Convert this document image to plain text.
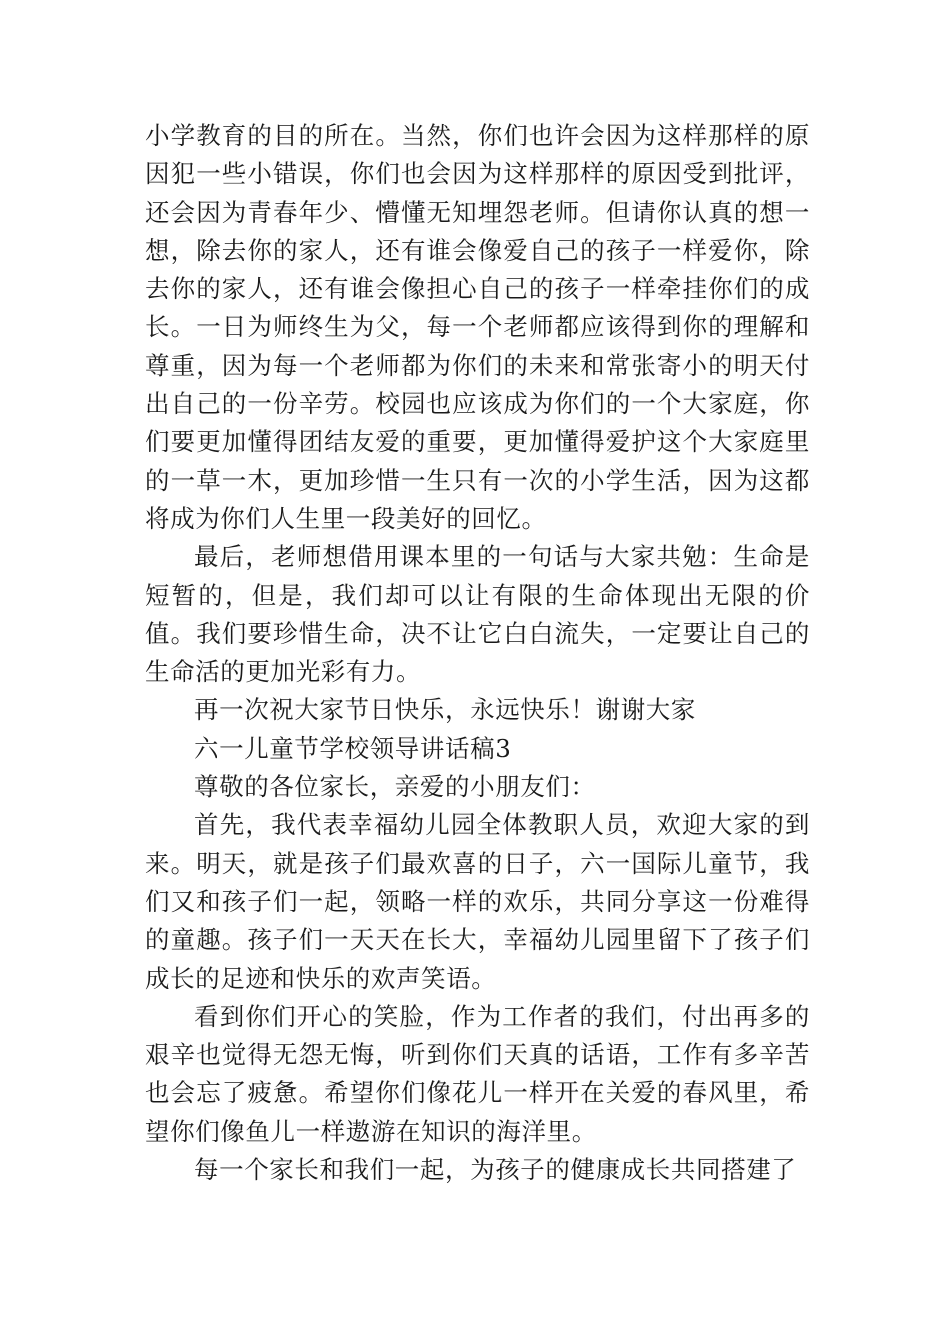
小学教育的目的所在。当然，你们也许会因为这样那样的原因犯一些小错误，你们也会因为这样那样的原因受到批评，还会因为青春年少、懵懂无知埋怨老师。但请你认真的想一想，除去你的家人，还有谁会像爱自己的孩子一样爱你，除去你的家人，还有谁会像担心自己的孩子一样牵挂你们的成长。一日为师终生为父，每一个老师都应该得到你的理解和尊重，因为每一个老师都为你们的未来和常张寄小的明天付出自己的一份辛劳。校园也应该成为你们的一个大家庭，你们要更加懂得团结友爱的重要，更加懂得爱护这个大家庭里的一草一木，更加珍惜一生只有一次的小学生活，因为这都将成为你们人生里一段美好的回忆。

最后，老师想借用课本里的一句话与大家共勉：生命是短暂的，但是，我们却可以让有限的生命体现出无限的价值。我们要珍惜生命，决不让它白白流失，一定要让自己的生命活的更加光彩有力。

再一次祝大家节日快乐，永远快乐！谢谢大家

六一儿童节学校领导讲话稿3

尊敬的各位家长，亲爱的小朋友们：

首先，我代表幸福幼儿园全体教职人员，欢迎大家的到来。明天，就是孩子们最欢喜的日子，六一国际儿童节，我们又和孩子们一起，领略一样的欢乐，共同分享这一份难得的童趣。孩子们一天天在长大，幸福幼儿园里留下了孩子们成长的足迹和快乐的欢声笑语。

看到你们开心的笑脸，作为工作者的我们，付出再多的艰辛也觉得无怨无悔，听到你们天真的话语，工作有多辛苦也会忘了疲惫。希望你们像花儿一样开在关爱的春风里，希望你们像鱼儿一样遨游在知识的海洋里。

每一个家长和我们一起，为孩子的健康成长共同搭建了
